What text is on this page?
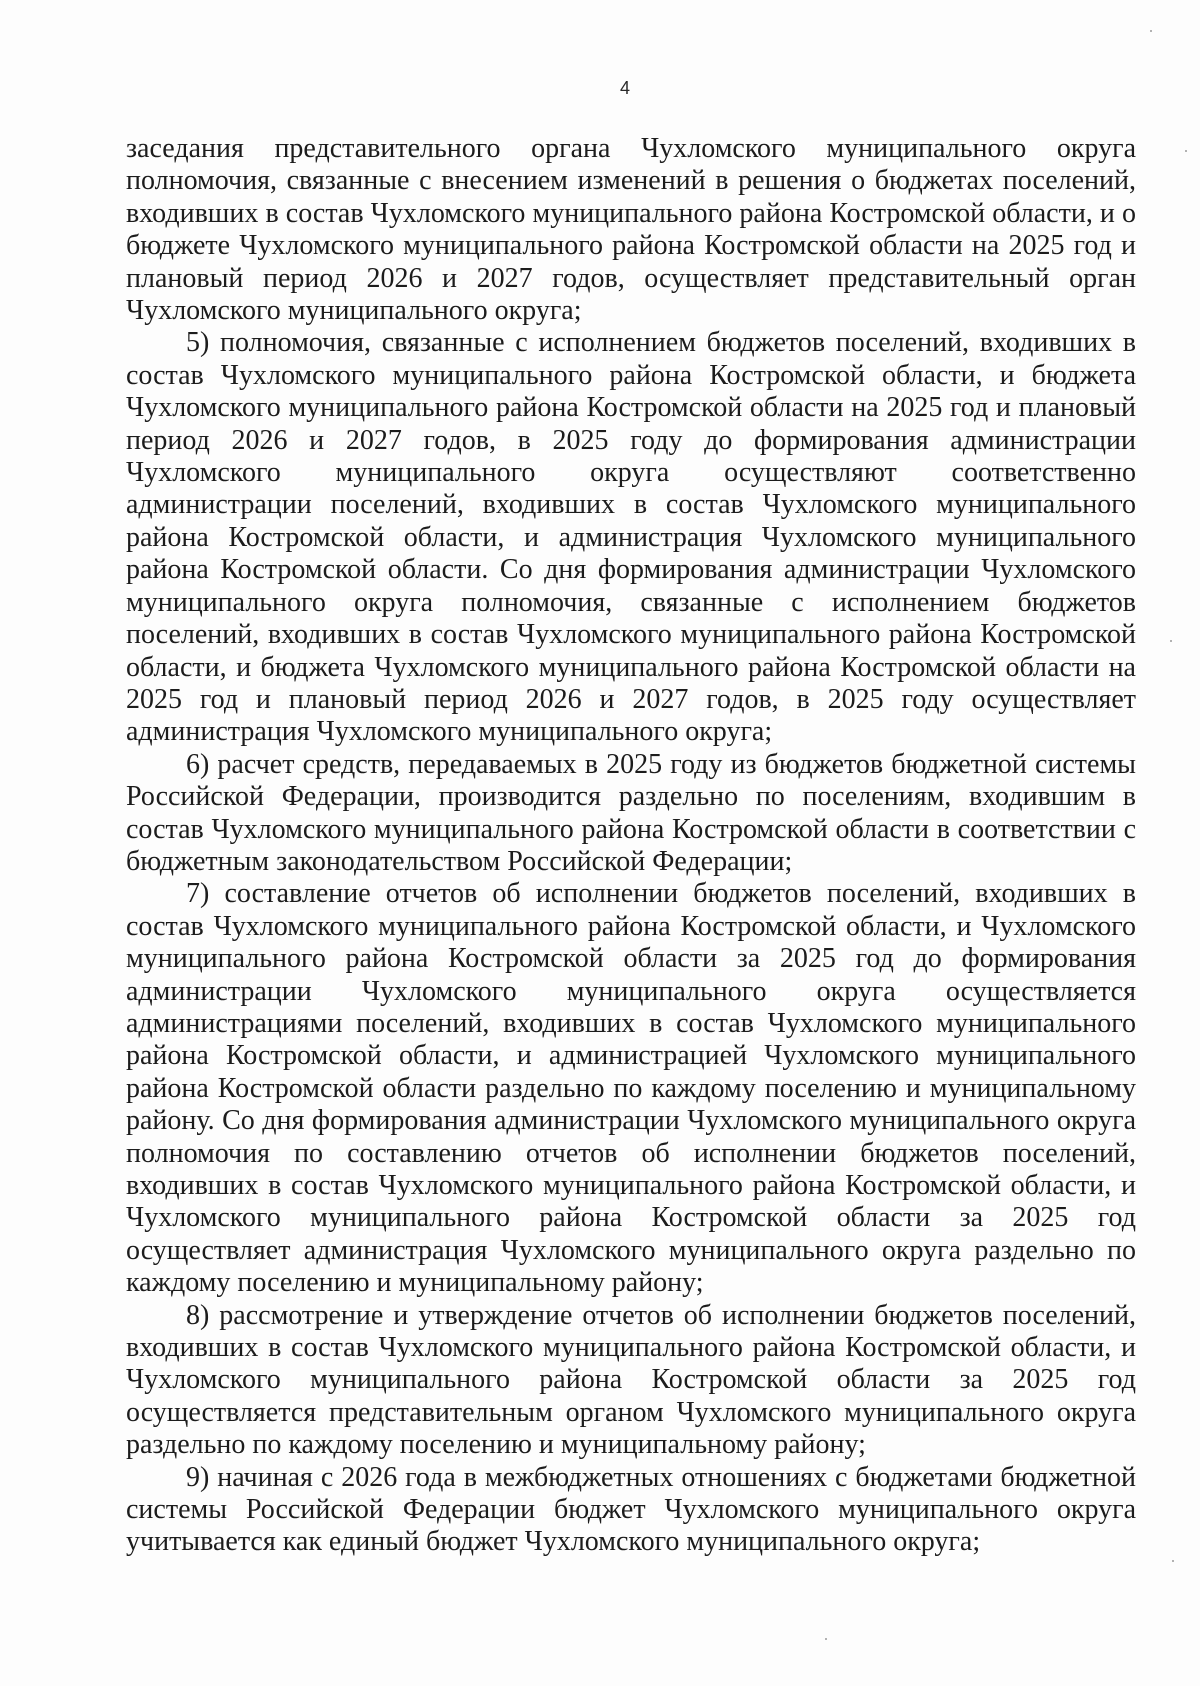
4

заседания представительного органа Чухломского муниципального округа полномочия, связанные с внесением изменений в решения о бюджетах поселений, входивших в состав Чухломского муниципального района Костромской области, и о бюджете Чухломского муниципального района Костромской области на 2025 год и плановый период 2026 и 2027 годов, осуществляет представительный орган Чухломского муниципального округа;

5) полномочия, связанные с исполнением бюджетов поселений, входивших в состав Чухломского муниципального района Костромской области, и бюджета Чухломского муниципального района Костромской области на 2025 год и плановый период 2026 и 2027 годов, в 2025 году до формирования администрации Чухломского муниципального округа осуществляют соответственно администрации поселений, входивших в состав Чухломского муниципального района Костромской области, и администрация Чухломского муниципального района Костромской области. Со дня формирования администрации Чухломского муниципального округа полномочия, связанные с исполнением бюджетов поселений, входивших в состав Чухломского муниципального района Костромской области, и бюджета Чухломского муниципального района Костромской области на 2025 год и плановый период 2026 и 2027 годов, в 2025 году осуществляет администрация Чухломского муниципального округа;

6) расчет средств, передаваемых в 2025 году из бюджетов бюджетной системы Российской Федерации, производится раздельно по поселениям, входившим в состав Чухломского муниципального района Костромской области в соответствии с бюджетным законодательством Российской Федерации;

7) составление отчетов об исполнении бюджетов поселений, входивших в состав Чухломского муниципального района Костромской области, и Чухломского муниципального района Костромской области за 2025 год до формирования администрации Чухломского муниципального округа осуществляется администрациями поселений, входивших в состав Чухломского муниципального района Костромской области, и администрацией Чухломского муниципального района Костромской области раздельно по каждому поселению и муниципальному району. Со дня формирования администрации Чухломского муниципального округа полномочия по составлению отчетов об исполнении бюджетов поселений, входивших в состав Чухломского муниципального района Костромской области, и Чухломского муниципального района Костромской области за 2025 год осуществляет администрация Чухломского муниципального округа раздельно по каждому поселению и муниципальному району;

8) рассмотрение и утверждение отчетов об исполнении бюджетов поселений, входивших в состав Чухломского муниципального района Костромской области, и Чухломского муниципального района Костромской области за 2025 год осуществляется представительным органом Чухломского муниципального округа раздельно по каждому поселению и муниципальному району;

9) начиная с 2026 года в межбюджетных отношениях с бюджетами бюджетной системы Российской Федерации бюджет Чухломского муниципального округа учитывается как единый бюджет Чухломского муниципального округа;
